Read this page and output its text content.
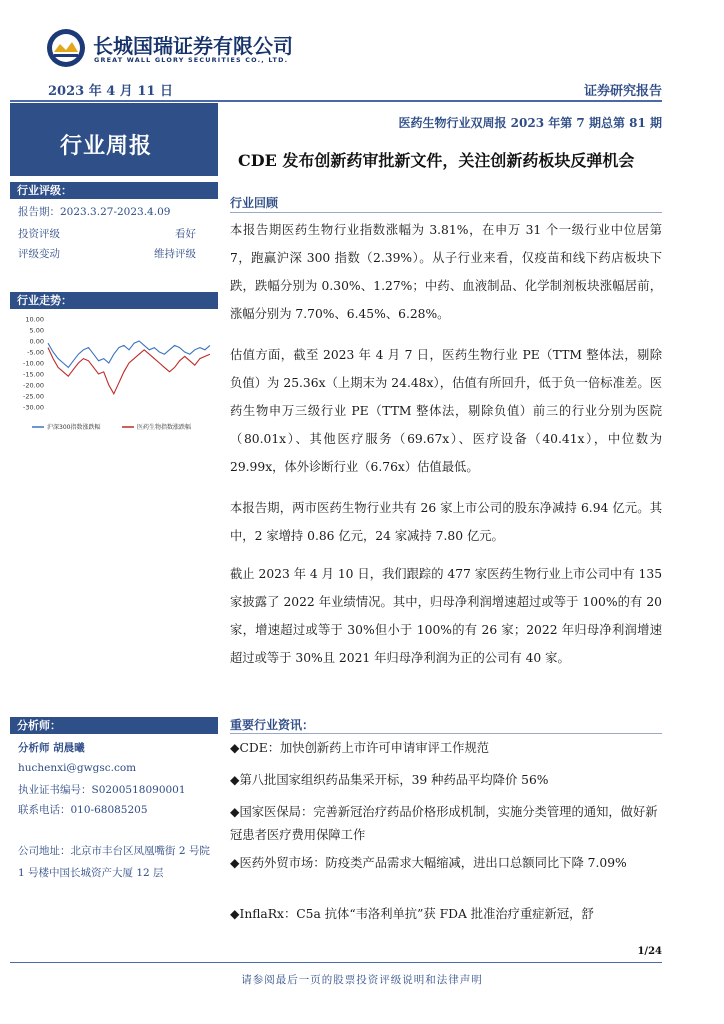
长城国瑞证券有限公司
GREAT WALL GLORY SECURITIES CO., LTD.
2023 年 4 月 11 日	证券研究报告
行业周报
医药生物行业双周报 2023 年第 7 期总第 81 期
CDE 发布创新药审批新文件，关注创新药板块反弹机会
行业评级：
报告期：2023.3.27-2023.4.09
投资评级	看好
评级变动	维持评级
行业走势：
10.00
5.00
0.00
-5.00
-10.00
-15.00
-20.00
-25.00
-30.00
沪深300指数涨跌幅	医药生物指数涨跌幅
行业回顾
本报告期医药生物行业指数涨幅为 3.81%，在申万 31 个一级行业中位居第 7，跑赢沪深 300 指数（2.39%）。从子行业来看，仅疫苗和线下药店板块下跌，跌幅分别为 0.30%、1.27%；中药、血液制品、化学制剂板块涨幅居前，涨幅分别为 7.70%、6.45%、6.28%。
估值方面，截至 2023 年 4 月 7 日，医药生物行业 PE（TTM 整体法，剔除负值）为 25.36x（上期末为 24.48x），估值有所回升，低于负一倍标准差。医药生物申万三级行业 PE（TTM 整体法，剔除负值）前三的行业分别为医院（80.01x）、其他医疗服务（69.67x）、医疗设备（40.41x），中位数为 29.99x，体外诊断行业（6.76x）估值最低。
本报告期，两市医药生物行业共有 26 家上市公司的股东净减持 6.94 亿元。其中，2 家增持 0.86 亿元，24 家减持 7.80 亿元。
截止 2023 年 4 月 10 日，我们跟踪的 477 家医药生物行业上市公司中有 135 家披露了 2022 年业绩情况。其中，归母净利润增速超过或等于 100%的有 20 家，增速超过或等于 30%但小于 100%的有 26 家；2022 年归母净利润增速超过或等于 30%且 2021 年归母净利润为正的公司有 40 家。
重要行业资讯：
◆CDE：加快创新药上市许可申请审评工作规范
◆第八批国家组织药品集采开标，39 种药品平均降价 56%
◆国家医保局：完善新冠治疗药品价格形成机制，实施分类管理的通知，做好新冠患者医疗费用保障工作
◆医药外贸市场：防疫类产品需求大幅缩减，进出口总额同比下降 7.09%
◆InflaRx：C5a 抗体“韦洛利单抗”获 FDA 批准治疗重症新冠，舒
分析师：
分析师 胡晨曦
huchenxi@gwgsc.com
执业证书编号：S0200518090001
联系电话：010-68085205
公司地址：北京市丰台区凤凰嘴街 2 号院 1 号楼中国长城资产大厦 12 层
1/24
请参阅最后一页的股票投资评级说明和法律声明
